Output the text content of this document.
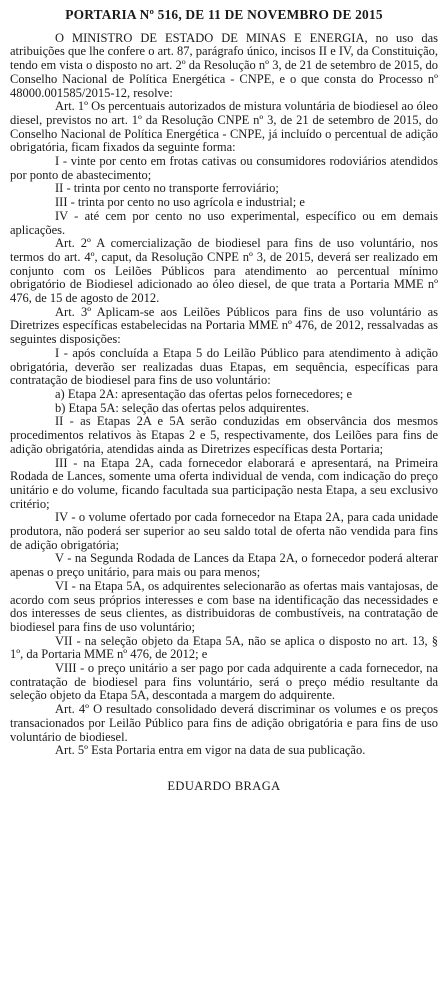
PORTARIA Nº 516, DE 11 DE NOVEMBRO DE 2015

O MINISTRO DE ESTADO DE MINAS E ENERGIA, no uso das atribuições que lhe confere o art. 87, parágrafo único, incisos II e IV, da Constituição, tendo em vista o disposto no art. 2º da Resolução nº 3, de 21 de setembro de 2015, do Conselho Nacional de Política Energética - CNPE, e o que consta do Processo nº 48000.001585/2015-12, resolve:

Art. 1º Os percentuais autorizados de mistura voluntária de biodiesel ao óleo diesel, previstos no art. 1º da Resolução CNPE nº 3, de 21 de setembro de 2015, do Conselho Nacional de Política Energética - CNPE, já incluído o percentual de adição obrigatória, ficam fixados da seguinte forma:

I - vinte por cento em frotas cativas ou consumidores rodoviários atendidos por ponto de abastecimento;

II - trinta por cento no transporte ferroviário;

III - trinta por cento no uso agrícola e industrial; e

IV - até cem por cento no uso experimental, específico ou em demais aplicações.

Art. 2º A comercialização de biodiesel para fins de uso voluntário, nos termos do art. 4º, caput, da Resolução CNPE nº 3, de 2015, deverá ser realizado em conjunto com os Leilões Públicos para atendimento ao percentual mínimo obrigatório de Biodiesel adicionado ao óleo diesel, de que trata a Portaria MME nº 476, de 15 de agosto de 2012.

Art. 3º Aplicam-se aos Leilões Públicos para fins de uso voluntário as Diretrizes específicas estabelecidas na Portaria MME nº 476, de 2012, ressalvadas as seguintes disposições:

I - após concluída a Etapa 5 do Leilão Público para atendimento à adição obrigatória, deverão ser realizadas duas Etapas, em sequência, específicas para contratação de biodiesel para fins de uso voluntário:

a) Etapa 2A: apresentação das ofertas pelos fornecedores; e

b) Etapa 5A: seleção das ofertas pelos adquirentes.

II - as Etapas 2A e 5A serão conduzidas em observância dos mesmos procedimentos relativos às Etapas 2 e 5, respectivamente, dos Leilões para fins de adição obrigatória, atendidas ainda as Diretrizes específicas desta Portaria;

III - na Etapa 2A, cada fornecedor elaborará e apresentará, na Primeira Rodada de Lances, somente uma oferta individual de venda, com indicação do preço unitário e do volume, ficando facultada sua participação nesta Etapa, a seu exclusivo critério;

IV - o volume ofertado por cada fornecedor na Etapa 2A, para cada unidade produtora, não poderá ser superior ao seu saldo total de oferta não vendida para fins de adição obrigatória;

V - na Segunda Rodada de Lances da Etapa 2A, o fornecedor poderá alterar apenas o preço unitário, para mais ou para menos;

VI - na Etapa 5A, os adquirentes selecionarão as ofertas mais vantajosas, de acordo com seus próprios interesses e com base na identificação das necessidades e dos interesses de seus clientes, as distribuidoras de combustíveis, na contratação de biodiesel para fins de uso voluntário;

VII - na seleção objeto da Etapa 5A, não se aplica o disposto no art. 13, § 1º, da Portaria MME nº 476, de 2012; e

VIII - o preço unitário a ser pago por cada adquirente a cada fornecedor, na contratação de biodiesel para fins voluntário, será o preço médio resultante da seleção objeto da Etapa 5A, descontada a margem do adquirente.

Art. 4º O resultado consolidado deverá discriminar os volumes e os preços transacionados por Leilão Público para fins de adição obrigatória e para fins de uso voluntário de biodiesel.

Art. 5º Esta Portaria entra em vigor na data de sua publicação.

EDUARDO BRAGA
